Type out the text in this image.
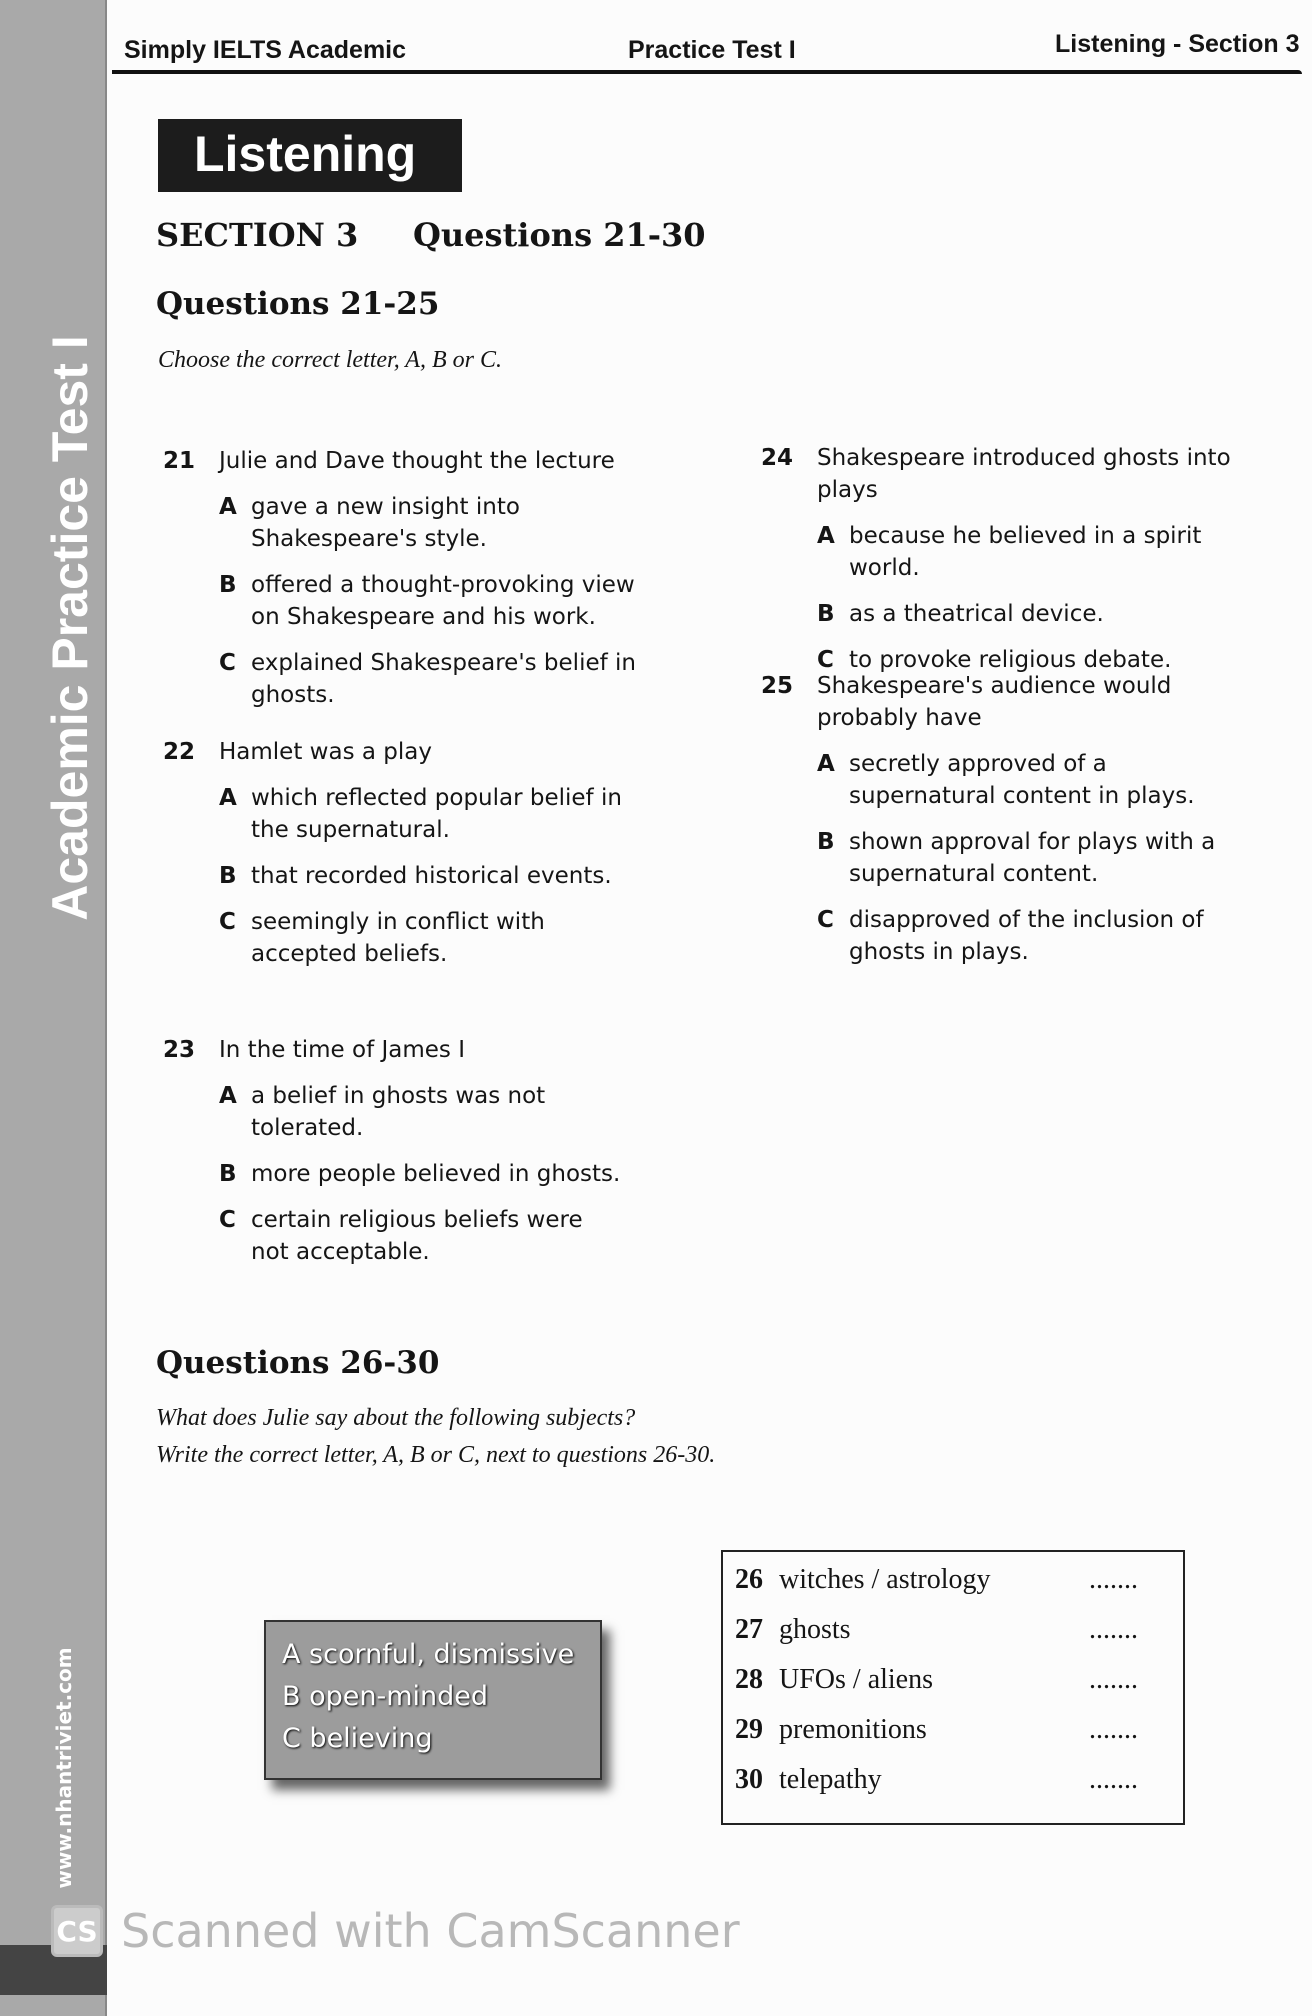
Academic Practice Test I
www.nhantriviet.com
Simply IELTS Academic	Practice Test I	Listening - Section 3
Listening
SECTION 3 Questions 21-30
Questions 21-25
Choose the correct letter, A, B or C.
21 Julie and Dave thought the lecture
A gave a new insight into Shakespeare's style.
B offered a thought-provoking view on Shakespeare and his work.
C explained Shakespeare's belief in ghosts.
22 Hamlet was a play
A which reflected popular belief in the supernatural.
B that recorded historical events.
C seemingly in conflict with accepted beliefs.
23 In the time of James I
A a belief in ghosts was not tolerated.
B more people believed in ghosts.
C certain religious beliefs were not acceptable.
24 Shakespeare introduced ghosts into plays
A because he believed in a spirit world.
B as a theatrical device.
C to provoke religious debate.
25 Shakespeare's audience would probably have
A secretly approved of a supernatural content in plays.
B shown approval for plays with a supernatural content.
C disapproved of the inclusion of ghosts in plays.
Questions 26-30
What does Julie say about the following subjects?
Write the correct letter, A, B or C, next to questions 26-30.
A scornful, dismissive
B open-minded
C believing
26 witches / astrology	.......
27 ghosts	.......
28 UFOs / aliens	.......
29 premonitions	.......
30 telepathy	.......
CS Scanned with CamScanner
